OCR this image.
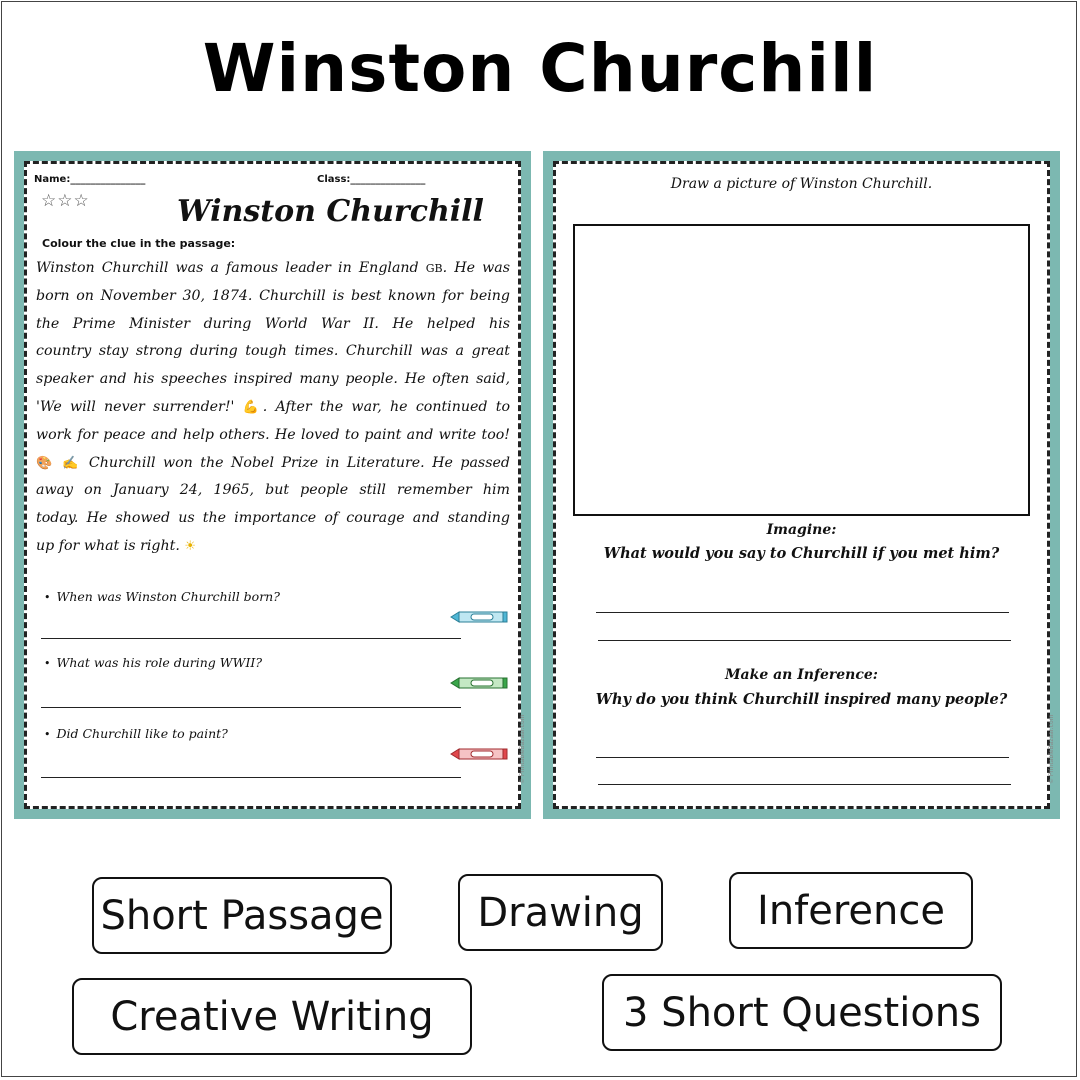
Winston Churchill
Name:_______________	Class:_______________
☆☆☆	Winston Churchill
Colour the clue in the passage:
Winston Churchill was a famous leader in England GB. He was
born on November 30, 1874. Churchill is best known for being
the Prime Minister during World War II. He helped his
country stay strong during tough times. Churchill was a great
speaker and his speeches inspired many people. He often said,
'We will never surrender!' 💪. After the war, he continued to
work for peace and help others. He loved to paint and write too!
🎨 ✍ Churchill won the Nobel Prize in Literature. He passed
away on January 24, 1965, but people still remember him
today. He showed us the importance of courage and standing
up for what is right. ☀
• When was Winston Churchill born?
• What was his role during WWII?
• Did Churchill like to paint?	© PrintableBazaar.com
Draw a picture of Winston Churchill.
Imagine:
What would you say to Churchill if you met him?
Make an Inference:
Why do you think Churchill inspired many people?
© PrintableBazaar.com
Short Passage	Drawing	Inference
Creative Writing	3 Short Questions
